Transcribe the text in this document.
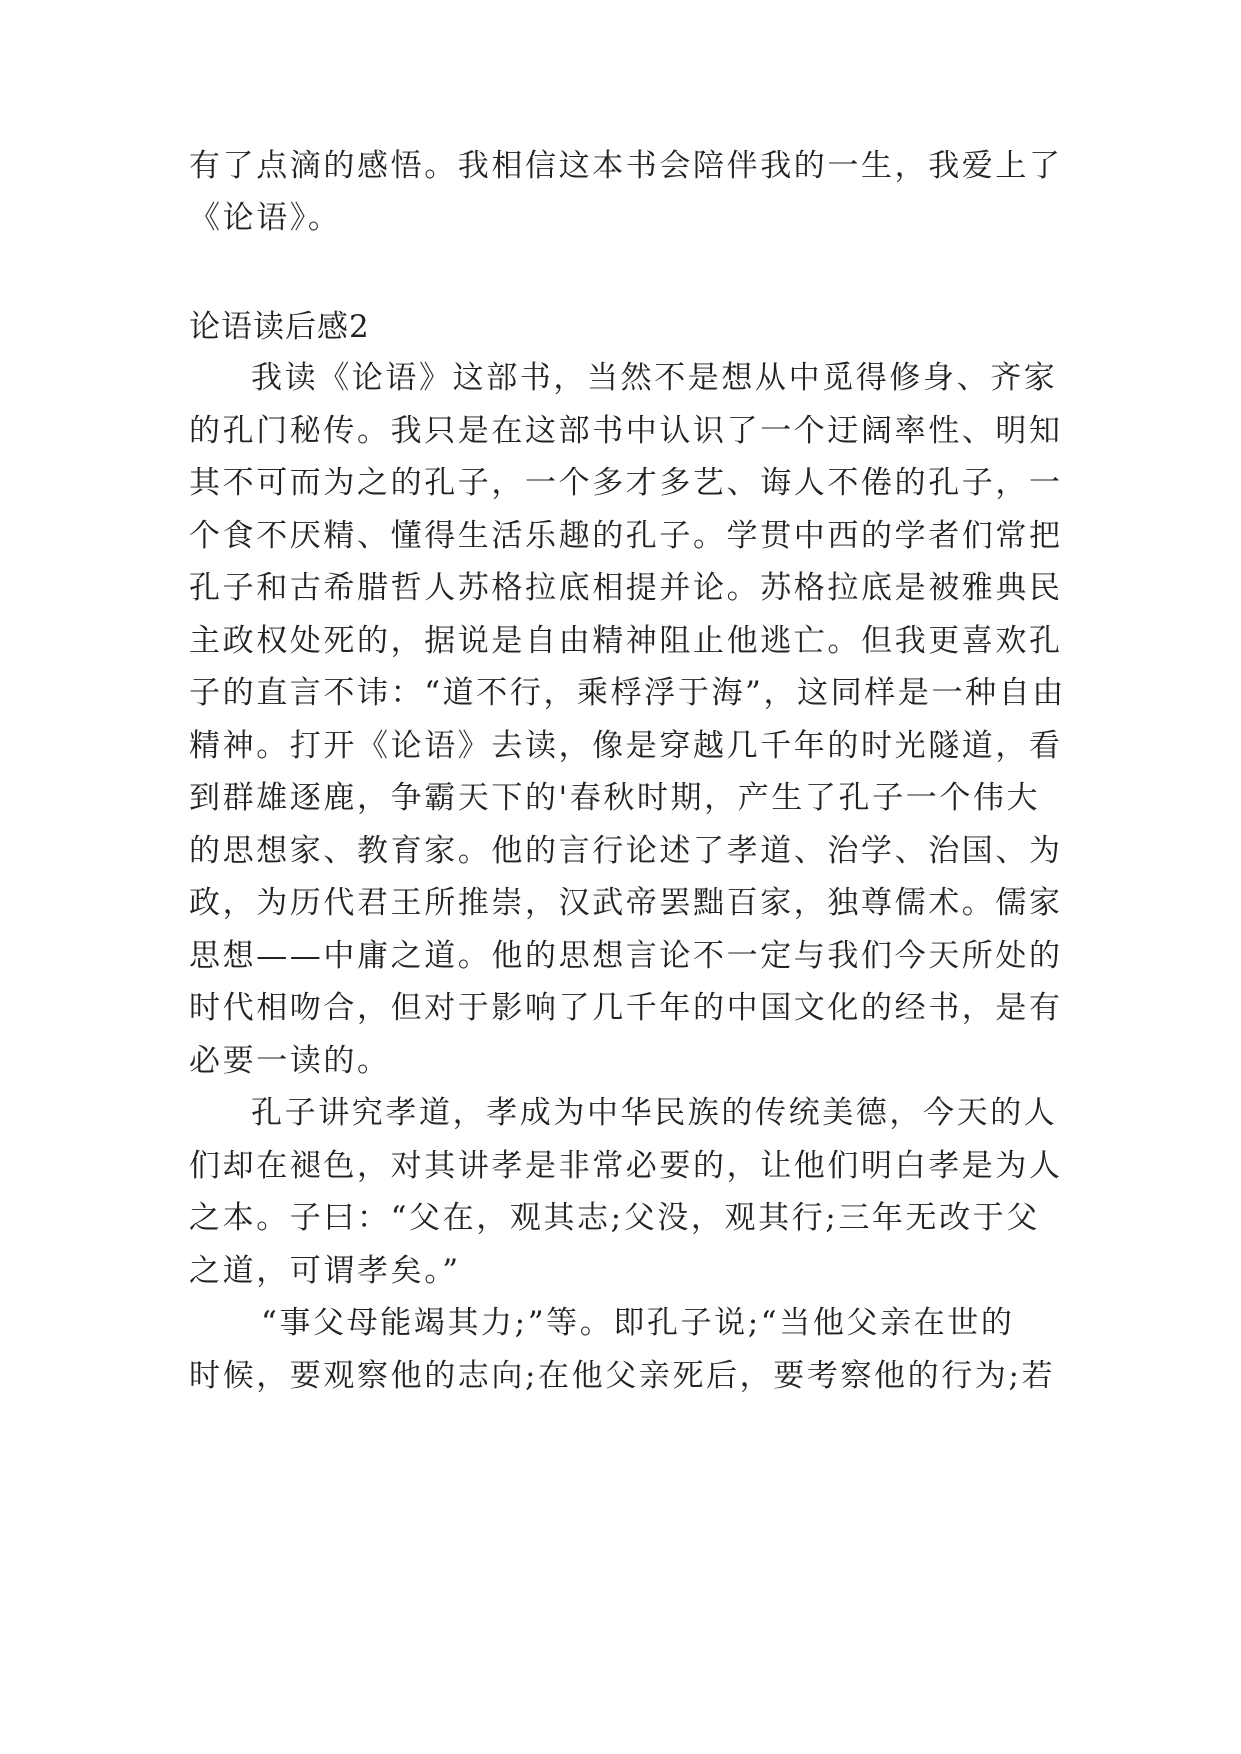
有了点滴的感悟。我相信这本书会陪伴我的一生，我爱上了
《论语》。
论语读后感2
我读《论语》这部书，当然不是想从中觅得修身、齐家
的孔门秘传。我只是在这部书中认识了一个迂阔率性、明知
其不可而为之的孔子，一个多才多艺、诲人不倦的孔子，一
个食不厌精、懂得生活乐趣的孔子。学贯中西的学者们常把
孔子和古希腊哲人苏格拉底相提并论。苏格拉底是被雅典民
主政权处死的，据说是自由精神阻止他逃亡。但我更喜欢孔
子的直言不讳：“道不行，乘桴浮于海”，这同样是一种自由
精神。打开《论语》去读，像是穿越几千年的时光隧道，看
到群雄逐鹿，争霸天下的'春秋时期，产生了孔子一个伟大
的思想家、教育家。他的言行论述了孝道、治学、治国、为
政，为历代君王所推崇，汉武帝罢黜百家，独尊儒术。儒家
思想——中庸之道。他的思想言论不一定与我们今天所处的
时代相吻合，但对于影响了几千年的中国文化的经书，是有
必要一读的。
孔子讲究孝道，孝成为中华民族的传统美德，今天的人
们却在褪色，对其讲孝是非常必要的，让他们明白孝是为人
之本。子曰：“父在，观其志;父没，观其行;三年无改于父
之道，可谓孝矣。”
“事父母能竭其力;”等。即孔子说;“当他父亲在世的
时候，要观察他的志向;在他父亲死后，要考察他的行为;若
